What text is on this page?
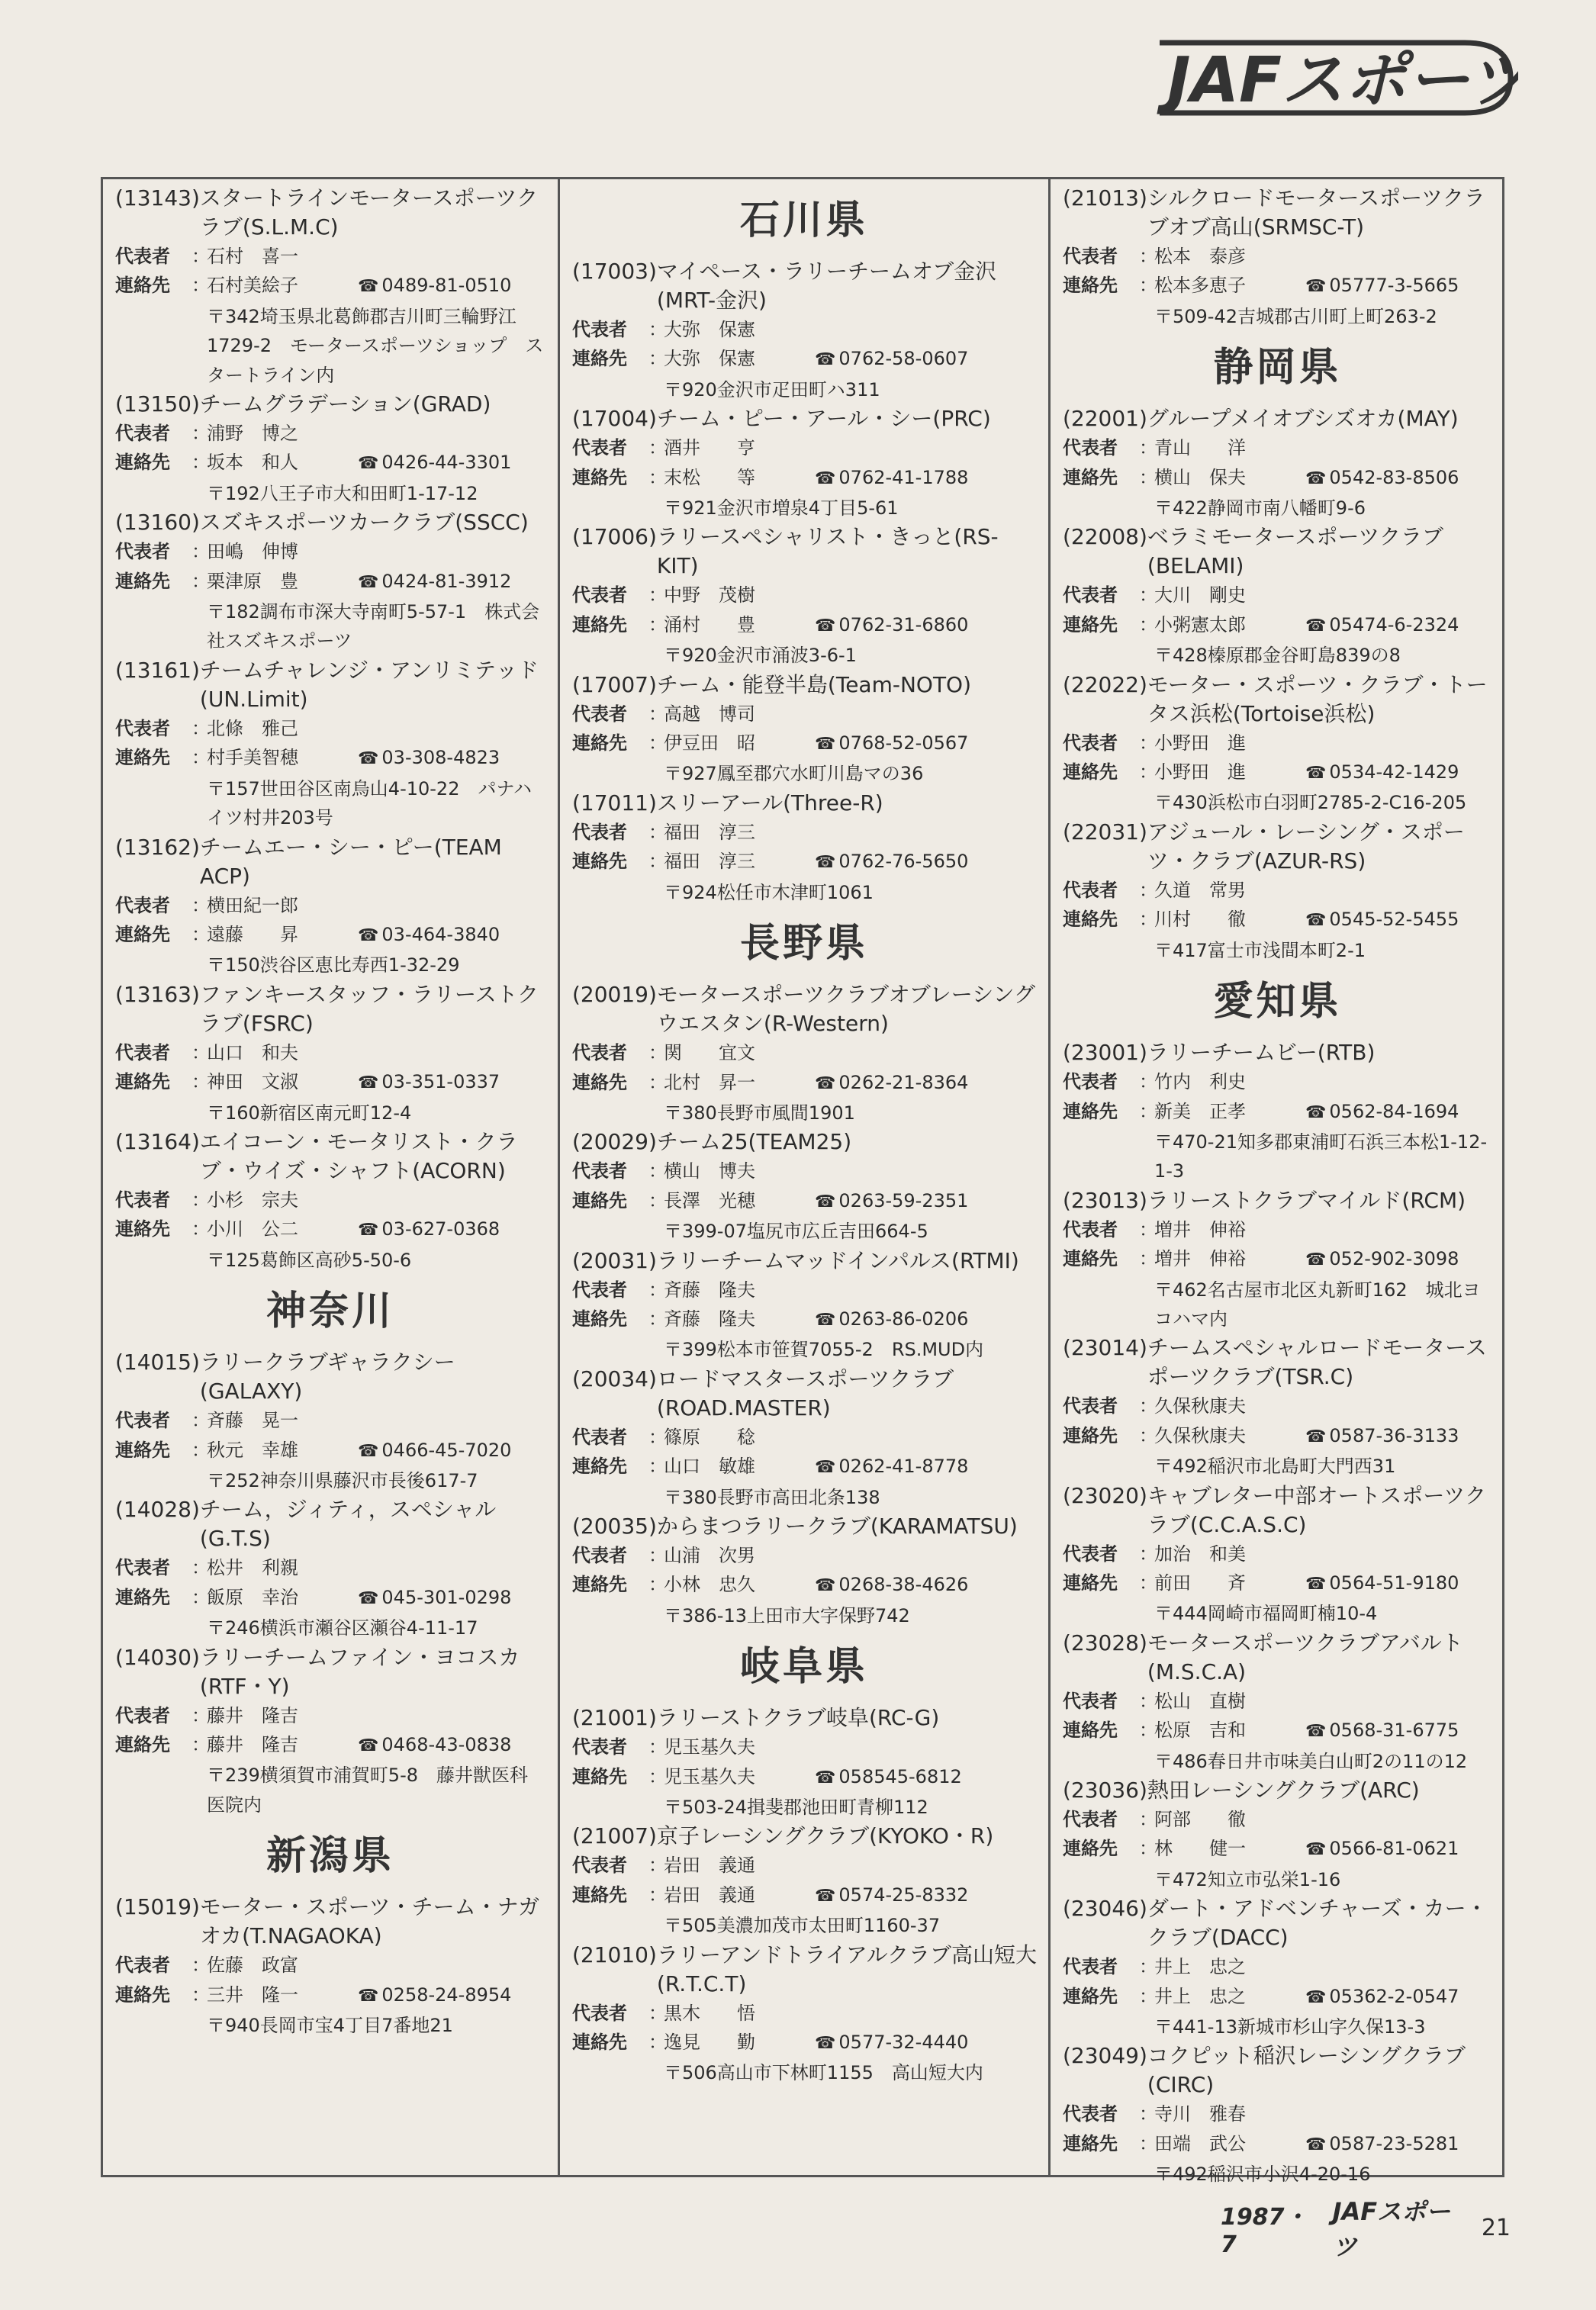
JAFスポーツ
(13143) スタートラインモータースポーツクラブ(S.L.M.C)
代表者	：
石村　喜一
連絡先	：
石村美絵子	☎ 0489-81-0510
〒342埼玉県北葛飾郡吉川町三輪野江1729-2　モータースポーツショップ　スタートライン内
(13150) チームグラデーション(GRAD)
代表者	：
浦野　博之
連絡先	：
坂本　和人	☎ 0426-44-3301
〒192八王子市大和田町1-17-12
(13160) スズキスポーツカークラブ(SSCC)
代表者	：
田嶋　伸博
連絡先	：
栗津原　豊	☎ 0424-81-3912
〒182調布市深大寺南町5-57-1　株式会社スズキスポーツ
(13161) チームチャレンジ・アンリミテッド(UN.Limit)
代表者	：
北條　雅己
連絡先	：
村手美智穂	☎ 03-308-4823
〒157世田谷区南烏山4-10-22　パナハイツ村井203号
(13162) チームエー・シー・ピー(TEAM ACP)
代表者	：
横田紀一郎
連絡先	：
遠藤　　昇	☎ 03-464-3840
〒150渋谷区恵比寿西1-32-29
(13163) ファンキースタッフ・ラリーストクラブ(FSRC)
代表者	：
山口　和夫
連絡先	：
神田　文淑	☎ 03-351-0337
〒160新宿区南元町12-4
(13164) エイコーン・モータリスト・クラブ・ウイズ・シャフト(ACORN)
代表者	：
小杉　宗夫
連絡先	：
小川　公二	☎ 03-627-0368
〒125葛飾区高砂5-50-6
神奈川
(14015) ラリークラブギャラクシー(GALAXY)
代表者	：
斉藤　晃一
連絡先	：
秋元　幸雄	☎ 0466-45-7020
〒252神奈川県藤沢市長後617-7
(14028) チーム，ジィティ，スペシャル(G.T.S)
代表者	：
松井　利親
連絡先	：
飯原　幸治	☎ 045-301-0298
〒246横浜市瀬谷区瀬谷4-11-17
(14030) ラリーチームファイン・ヨコスカ(RTF・Y)
代表者	：
藤井　隆吉
連絡先	：
藤井　隆吉	☎ 0468-43-0838
〒239横須賀市浦賀町5-8　藤井獣医科医院内
新潟県
(15019) モーター・スポーツ・チーム・ナガオカ(T.NAGAOKA)
代表者	：
佐藤　政富
連絡先	：
三井　隆一	☎ 0258-24-8954
〒940長岡市宝4丁目7番地21
石川県
(17003) マイペース・ラリーチームオブ金沢(MRT-金沢)
代表者	：
大弥　保憲
連絡先	：
大弥　保憲	☎ 0762-58-0607
〒920金沢市疋田町ハ311
(17004) チーム・ピー・アール・シー(PRC)
代表者	：
酒井　　亨
連絡先	：
末松　　等	☎ 0762-41-1788
〒921金沢市増泉4丁目5-61
(17006) ラリースペシャリスト・きっと(RS-KIT)
代表者	：
中野　茂樹
連絡先	：
涌村　　豊	☎ 0762-31-6860
〒920金沢市涌波3-6-1
(17007) チーム・能登半島(Team-NOTO)
代表者	：
高越　博司
連絡先	：
伊豆田　昭	☎ 0768-52-0567
〒927鳳至郡穴水町川島マの36
(17011) スリーアール(Three-R)
代表者	：
福田　淳三
連絡先	：
福田　淳三	☎ 0762-76-5650
〒924松任市木津町1061
長野県
(20019) モータースポーツクラブオブレーシングウエスタン(R-Western)
代表者	：
関　　宜文
連絡先	：
北村　昇一	☎ 0262-21-8364
〒380長野市風間1901
(20029) チーム25(TEAM25)
代表者	：
横山　博夫
連絡先	：
長澤　光穂	☎ 0263-59-2351
〒399-07塩尻市広丘吉田664-5
(20031) ラリーチームマッドインパルス(RTMI)
代表者	：
斉藤　隆夫
連絡先	：
斉藤　隆夫	☎ 0263-86-0206
〒399松本市笹賀7055-2　RS.MUD内
(20034) ロードマスタースポーツクラブ(ROAD.MASTER)
代表者	：
篠原　　稔
連絡先	：
山口　敏雄	☎ 0262-41-8778
〒380長野市高田北条138
(20035) からまつラリークラブ(KARAMATSU)
代表者	：
山浦　次男
連絡先	：
小林　忠久	☎ 0268-38-4626
〒386-13上田市大字保野742
岐阜県
(21001) ラリーストクラブ岐阜(RC-G)
代表者	：
児玉基久夫
連絡先	：
児玉基久夫	☎ 058545-6812
〒503-24揖斐郡池田町青柳112
(21007) 京子レーシングクラブ(KYOKO・R)
代表者	：
岩田　義通
連絡先	：
岩田　義通	☎ 0574-25-8332
〒505美濃加茂市太田町1160-37
(21010) ラリーアンドトライアルクラブ高山短大(R.T.C.T)
代表者	：
黒木　　悟
連絡先	：
逸見　　勤	☎ 0577-32-4440
〒506高山市下林町1155　高山短大内
(21013) シルクロードモータースポーツクラブオブ高山(SRMSC-T)
代表者	：
松本　泰彦
連絡先	：
松本多恵子	☎ 05777-3-5665
〒509-42吉城郡古川町上町263-2
静岡県
(22001) グループメイオブシズオカ(MAY)
代表者	：
青山　　洋
連絡先	：
横山　保夫	☎ 0542-83-8506
〒422静岡市南八幡町9-6
(22008) ベラミモータースポーツクラブ(BELAMI)
代表者	：
大川　剛史
連絡先	：
小粥憲太郎	☎ 05474-6-2324
〒428榛原郡金谷町島839の8
(22022) モーター・スポーツ・クラブ・トータス浜松(Tortoise浜松)
代表者	：
小野田　進
連絡先	：
小野田　進	☎ 0534-42-1429
〒430浜松市白羽町2785-2-C16-205
(22031) アジュール・レーシング・スポーツ・クラブ(AZUR-RS)
代表者	：
久道　常男
連絡先	：
川村　　徹	☎ 0545-52-5455
〒417富士市浅間本町2-1
愛知県
(23001) ラリーチームビー(RTB)
代表者	：
竹内　利史
連絡先	：
新美　正孝	☎ 0562-84-1694
〒470-21知多郡東浦町石浜三本松1-12-1-3
(23013) ラリーストクラブマイルド(RCM)
代表者	：
増井　伸裕
連絡先	：
増井　伸裕	☎ 052-902-3098
〒462名古屋市北区丸新町162　城北ヨコハマ内
(23014) チームスペシャルロードモータースポーツクラブ(TSR.C)
代表者	：
久保秋康夫
連絡先	：
久保秋康夫	☎ 0587-36-3133
〒492稲沢市北島町大門西31
(23020) キャブレター中部オートスポーツクラブ(C.C.A.S.C)
代表者	：
加治　和美
連絡先	：
前田　　斉	☎ 0564-51-9180
〒444岡崎市福岡町楠10-4
(23028) モータースポーツクラブアバルト(M.S.C.A)
代表者	：
松山　直樹
連絡先	：
松原　吉和	☎ 0568-31-6775
〒486春日井市味美白山町2の11の12
(23036) 熱田レーシングクラブ(ARC)
代表者	：
阿部　　徹
連絡先	：
林　　健一	☎ 0566-81-0621
〒472知立市弘栄1-16
(23046) ダート・アドベンチャーズ・カー・クラブ(DACC)
代表者	：
井上　忠之
連絡先	：
井上　忠之	☎ 05362-2-0547
〒441-13新城市杉山字久保13-3
(23049) コクピット稲沢レーシングクラブ(CIRC)
代表者	：
寺川　雅春
連絡先	：
田端　武公	☎ 0587-23-5281
〒492稲沢市小沢4-20-16
1987・7
JAFスポーツ
21
